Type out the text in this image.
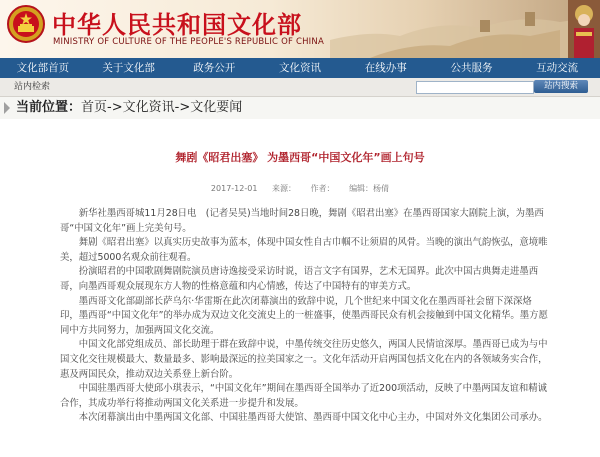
中华人民共和国文化部
MINISTRY OF CULTURE OF THE PEOPLE'S REPUBLIC OF CHINA
文化部首页	关于文化部	政务公开	文化资讯	在线办事	公共服务	互动交流
站内检索	站内搜索
当前位置：首页->文化资讯->文化要闻
舞剧《昭君出塞》 为墨西哥“中国文化年”画上句号
2017-12-01 来源： 作者： 编辑：杨倩

新华社墨西哥城11月28日电　(记者吴昊)当地时间28日晚，舞剧《昭君出塞》在墨西哥国家大剧院上演，为墨西哥“中国文化年”画上完美句号。

舞剧《昭君出塞》以真实历史故事为蓝本，体现中国女性自古巾帼不让须眉的风骨。当晚的演出气韵恢弘，意境唯美，超过5000名观众前往观看。

扮演昭君的中国歌剧舞剧院演员唐诗逸接受采访时说，语言文字有国界，艺术无国界。此次中国古典舞走进墨西哥，向墨西哥观众展现东方人物的性格意蕴和内心情感，传达了中国特有的审美方式。

墨西哥文化部副部长萨乌尔·华雷斯在此次闭幕演出的致辞中说，几个世纪来中国文化在墨西哥社会留下深深烙印，墨西哥“中国文化年”的举办成为双边文化交流史上的一桩盛事，使墨西哥民众有机会接触到中国文化精华。墨方愿同中方共同努力，加强两国文化交流。

中国文化部党组成员、部长助理于群在致辞中说，中墨传统交往历史悠久，两国人民情谊深厚。墨西哥已成为与中国文化交往规模最大、数量最多、影响最深远的拉美国家之一。文化年活动开启两国包括文化在内的各领域务实合作，惠及两国民众，推动双边关系登上新台阶。

中国驻墨西哥大使邱小琪表示，“中国文化年”期间在墨西哥全国举办了近200项活动，反映了中墨两国友谊和精诚合作，其成功举行将推动两国文化关系进一步提升和发展。

本次闭幕演出由中墨两国文化部、中国驻墨西哥大使馆、墨西哥中国文化中心主办，中国对外文化集团公司承办。
